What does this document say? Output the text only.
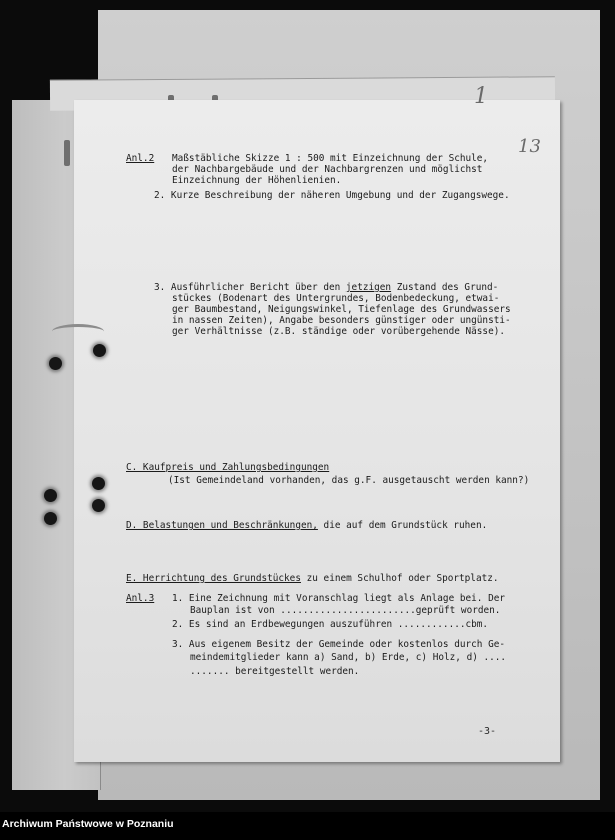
1
13
Anl.2 Maßstäbliche Skizze 1 : 500 mit Einzeichnung der Schule,
der Nachbargebäude und der Nachbargrenzen und möglichst
Einzeichnung der Höhenlienien.
2. Kurze Beschreibung der näheren Umgebung und der Zugangswege.
3. Ausführlicher Bericht über den jetzigen Zustand des Grund-
stückes (Bodenart des Untergrundes, Bodenbedeckung, etwai-
ger Baumbestand, Neigungswinkel, Tiefenlage des Grundwassers
in nassen Zeiten), Angabe besonders günstiger oder ungünsti-
ger Verhältnisse (z.B. ständige oder vorübergehende Nässe).
C. Kaufpreis und Zahlungsbedingungen
(Ist Gemeindeland vorhanden, das g.F. ausgetauscht werden kann?)
D. Belastungen und Beschränkungen, die auf dem Grundstück ruhen.
E. Herrichtung des Grundstückes zu einem Schulhof oder Sportplatz.
Anl.3 1. Eine Zeichnung mit Voranschlag liegt als Anlage bei. Der
Bauplan ist von ........................geprüft worden.
2. Es sind an Erdbewegungen auszuführen ............cbm.
3. Aus eigenem Besitz der Gemeinde oder kostenlos durch Ge-
meindemitglieder kann a) Sand, b) Erde, c) Holz, d) ....
....... bereitgestellt werden.
-3-
Archiwum Państwowe w Poznaniu
